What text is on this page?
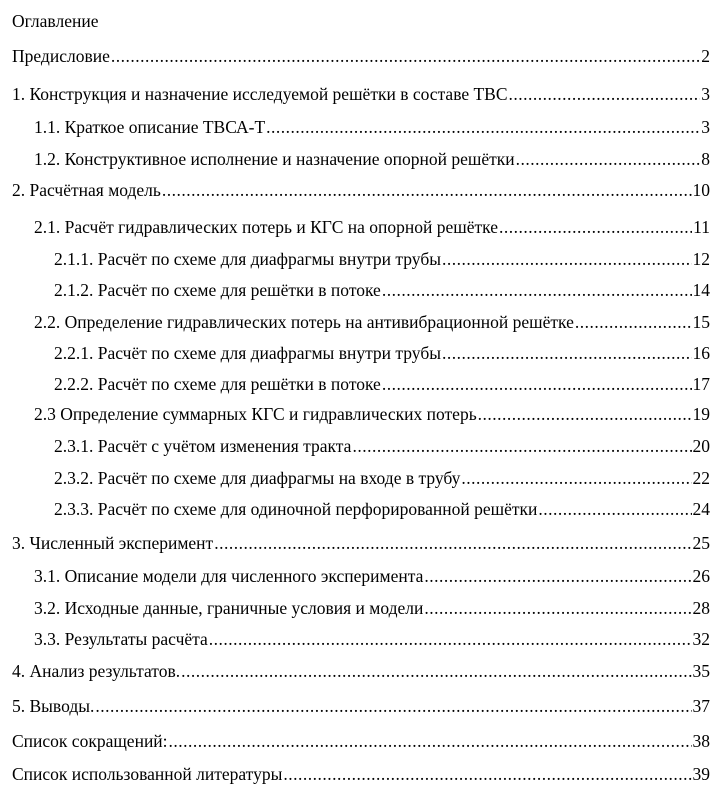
Оглавление
Предисловие .....	2
1. Конструкция и назначение исследуемой решётки в составе ТВС .....	3
1.1. Краткое описание ТВСА-Т .....	3
1.2. Конструктивное исполнение и назначение опорной решётки .....	8
2. Расчётная модель .....	10
2.1. Расчёт гидравлических потерь и КГС на опорной решётке .....	11
2.1.1. Расчёт по схеме для диафрагмы внутри трубы .....	12
2.1.2. Расчёт по схеме для решётки в потоке .....	14
2.2. Определение гидравлических потерь на антивибрационной решётке .....	15
2.2.1. Расчёт по схеме для диафрагмы внутри трубы .....	16
2.2.2. Расчёт по схеме для решётки в потоке .....	17
2.3 Определение суммарных КГС и гидравлических потерь .....	19
2.3.1. Расчёт с учётом изменения тракта .....	20
2.3.2. Расчёт по схеме для диафрагмы на входе в трубу .....	22
2.3.3. Расчёт по схеме для одиночной перфорированной решётки .....	24
3. Численный эксперимент .....	25
3.1. Описание модели для численного эксперимента .....	26
3.2. Исходные данные, граничные условия и модели .....	28
3.3. Результаты расчёта .....	32
4. Анализ результатов. .....	35
5. Выводы. .....	37
Список сокращений: .....	38
Список использованной литературы .....	39
